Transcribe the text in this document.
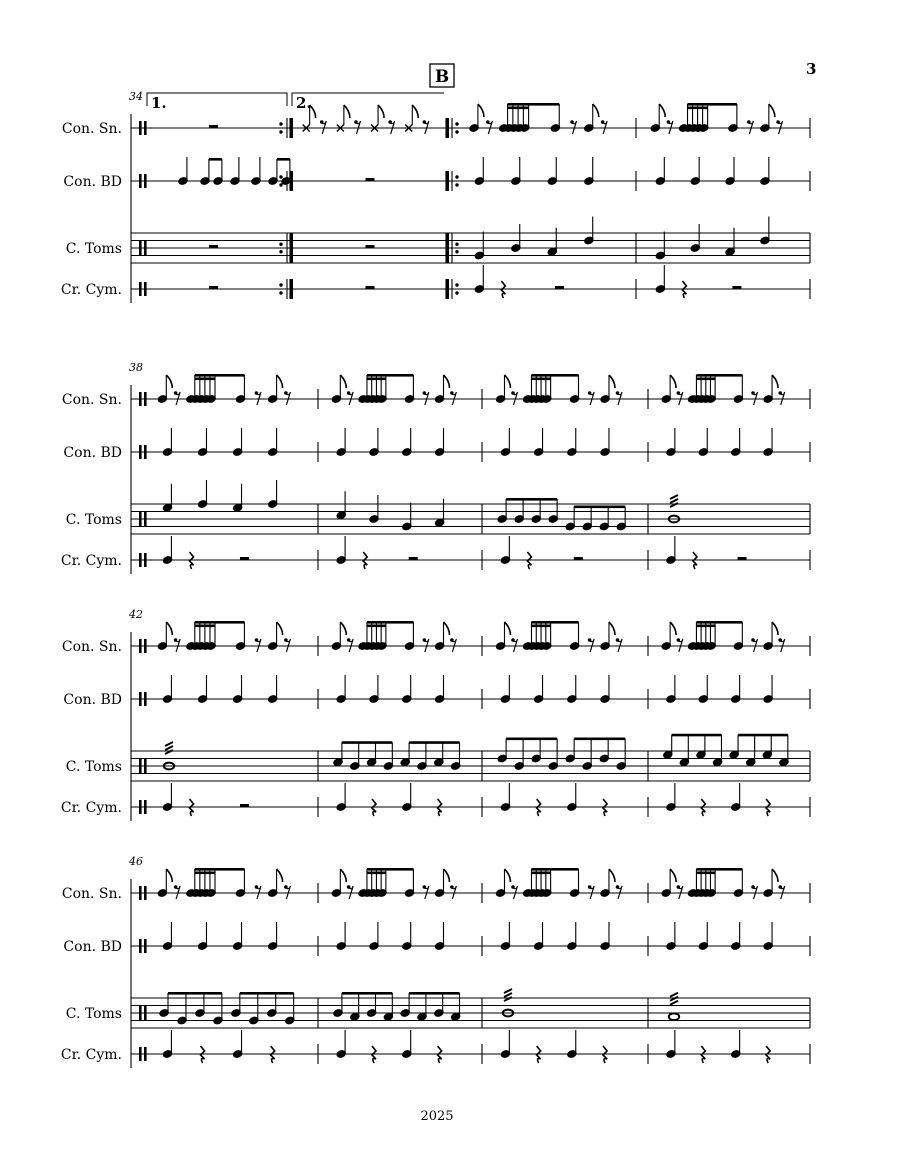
3
B
Con. Sn.
Con. BD
C. Toms
Cr. Cym.
34 1.	2.
Con. Sn.
Con. BD
C. Toms
Cr. Cym.
38
Con. Sn.
Con. BD
C. Toms
Cr. Cym.
42
Con. Sn.
Con. BD
C. Toms
Cr. Cym.
46
2025
